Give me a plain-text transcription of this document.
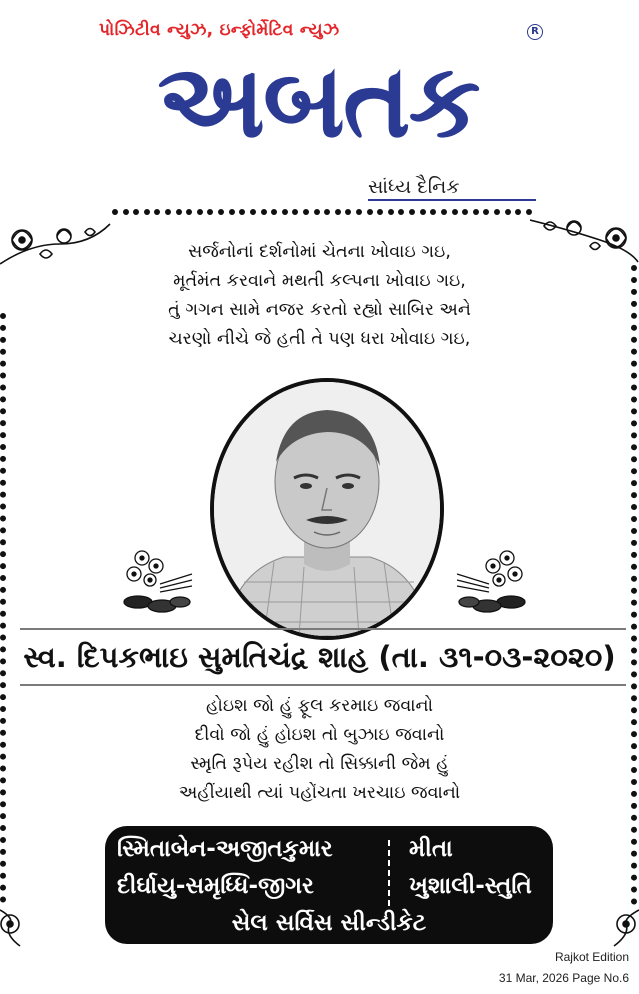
પોઝિટીવ ન્યુઝ, ઇન્ફોર્મેટિવ ન્યુઝ	R
અબતક
સાંધ્ય દૈનિક
સર્જનોનાં દર્શનોમાં ચેતના ખોવાઇ ગઇ,
મૂર્તમંત કરવાને મથતી કલ્પના ખોવાઇ ગઇ,
તું ગગન સામે નજર કરતો રહ્યો સાબિર અને
ચરણો નીચે જે હતી તે પણ ધરા ખોવાઇ ગઇ,
સ્વ. દિપકભાઇ સુમતિચંદ્ર શાહ (તા. ૩૧-૦૩-૨૦૨૦)
હોઇશ જો હું ફૂલ કરમાઇ જવાનો
દીવો જો હું હોઇશ તો બુઝાઇ જવાનો
સ્મૃતિ રૂપેય રહીશ તો સિક્કાની જેમ હું
અહીંયાથી ત્યાં પહોંચતા ખરચાઇ જવાનો
સ્મિતાબેન-અજીતકુમાર	મીતા
દીર્ઘાયુ-સમૃધ્ધિ-જીગર	ખુશાલી-સ્તુતિ
સેલ સર્વિસ સીન્ડીકેટ
Rajkot Edition
31 Mar, 2026 Page No.6
